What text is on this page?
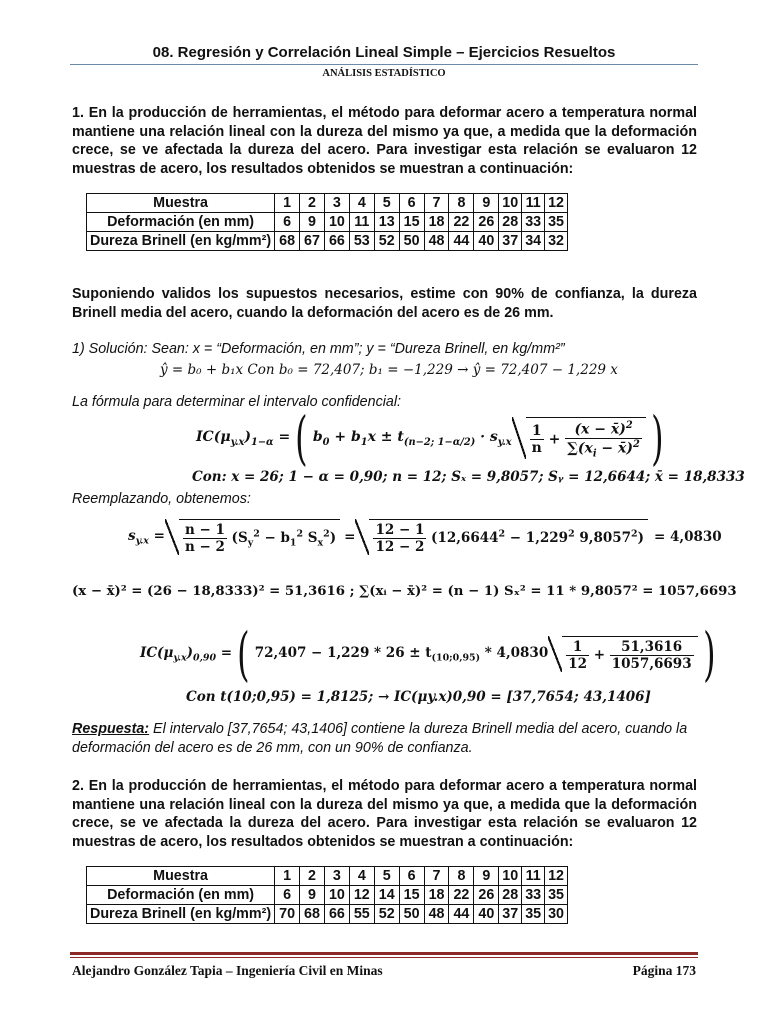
08. Regresión y Correlación Lineal Simple – Ejercicios Resueltos
ANÁLISIS ESTADÍSTICO
1. En la producción de herramientas, el método para deformar acero a temperatura normal mantiene una relación lineal con la dureza del mismo ya que, a medida que la deformación crece, se ve afectada la dureza del acero. Para investigar esta relación se evaluaron 12 muestras de acero, los resultados obtenidos se muestran a continuación:
Muestra	1	2	3	4	5	6	7	8	9	10	11	12
Deformación (en mm)	6	9	10	11	13	15	18	22	26	28	33	35
Dureza Brinell (en kg/mm²)	68	67	66	53	52	50	48	44	40	37	34	32
Suponiendo validos los supuestos necesarios, estime con 90% de confianza, la dureza Brinell media del acero, cuando la deformación del acero es de 26 mm.
1) Solución: Sean: x = “Deformación, en mm”; y = “Dureza Brinell, en kg/mm²”
ŷ = b₀ + b₁x Con b₀ = 72,407; b₁ = −1,229 → ŷ = 72,407 − 1,229 x
La fórmula para determinar el intervalo confidencial:
$IC(\mu_{y.x})_{1-\alpha}$ = ( $b_0 + b_1x \pm t_{(n-2; 1-\alpha/2)} \cdot s_{y.x} \frac{1}{n} + \frac{(x - x̄)^2}{\sum(x_i - x̄)^2}$ )
Con: x = 26; 1 − α = 0,90; n = 12; Sₓ = 9,8057; Sᵧ = 12,6644; x̄ = 18,8333
Reemplazando, obtenemos:
$s_{y.x} = \frac{n - 1}{n - 2} (S_y^2 - b_1^2$ $S_x^2) = \frac{12 - 1}{12 - 2} (12,6644^2 - 1,229^2$ $9,8057^2) = 4,0830$
(x − x̄)² = (26 − 18,8333)² = 51,3616 ; ∑(xᵢ − x̄)² = (n − 1) Sₓ² = 11 * 9,8057² = 1057,6693
$IC(\mu_{y.x})_{0,90}$ = ( $72,407 - 1,229 * 26 \pm t_{(10;0,95)} * 4,0830 \frac{1}{12} + \frac{51,3616}{1057,6693}$ )
Con t(10;0,95) = 1,8125; → IC(μy.x)0,90 = [37,7654; 43,1406]
Respuesta: El intervalo [37,7654; 43,1406] contiene la dureza Brinell media del acero, cuando la deformación del acero es de 26 mm, con un 90% de confianza.
2. En la producción de herramientas, el método para deformar acero a temperatura normal mantiene una relación lineal con la dureza del mismo ya que, a medida que la deformación crece, se ve afectada la dureza del acero. Para investigar esta relación se evaluaron 12 muestras de acero, los resultados obtenidos se muestran a continuación:
Muestra	1	2	3	4	5	6	7	8	9	10	11	12
Deformación (en mm)	6	9	10	12	14	15	18	22	26	28	33	35
Dureza Brinell (en kg/mm²)	70	68	66	55	52	50	48	44	40	37	35	30
Alejandro González Tapia – Ingeniería Civil en Minas	Página 173
